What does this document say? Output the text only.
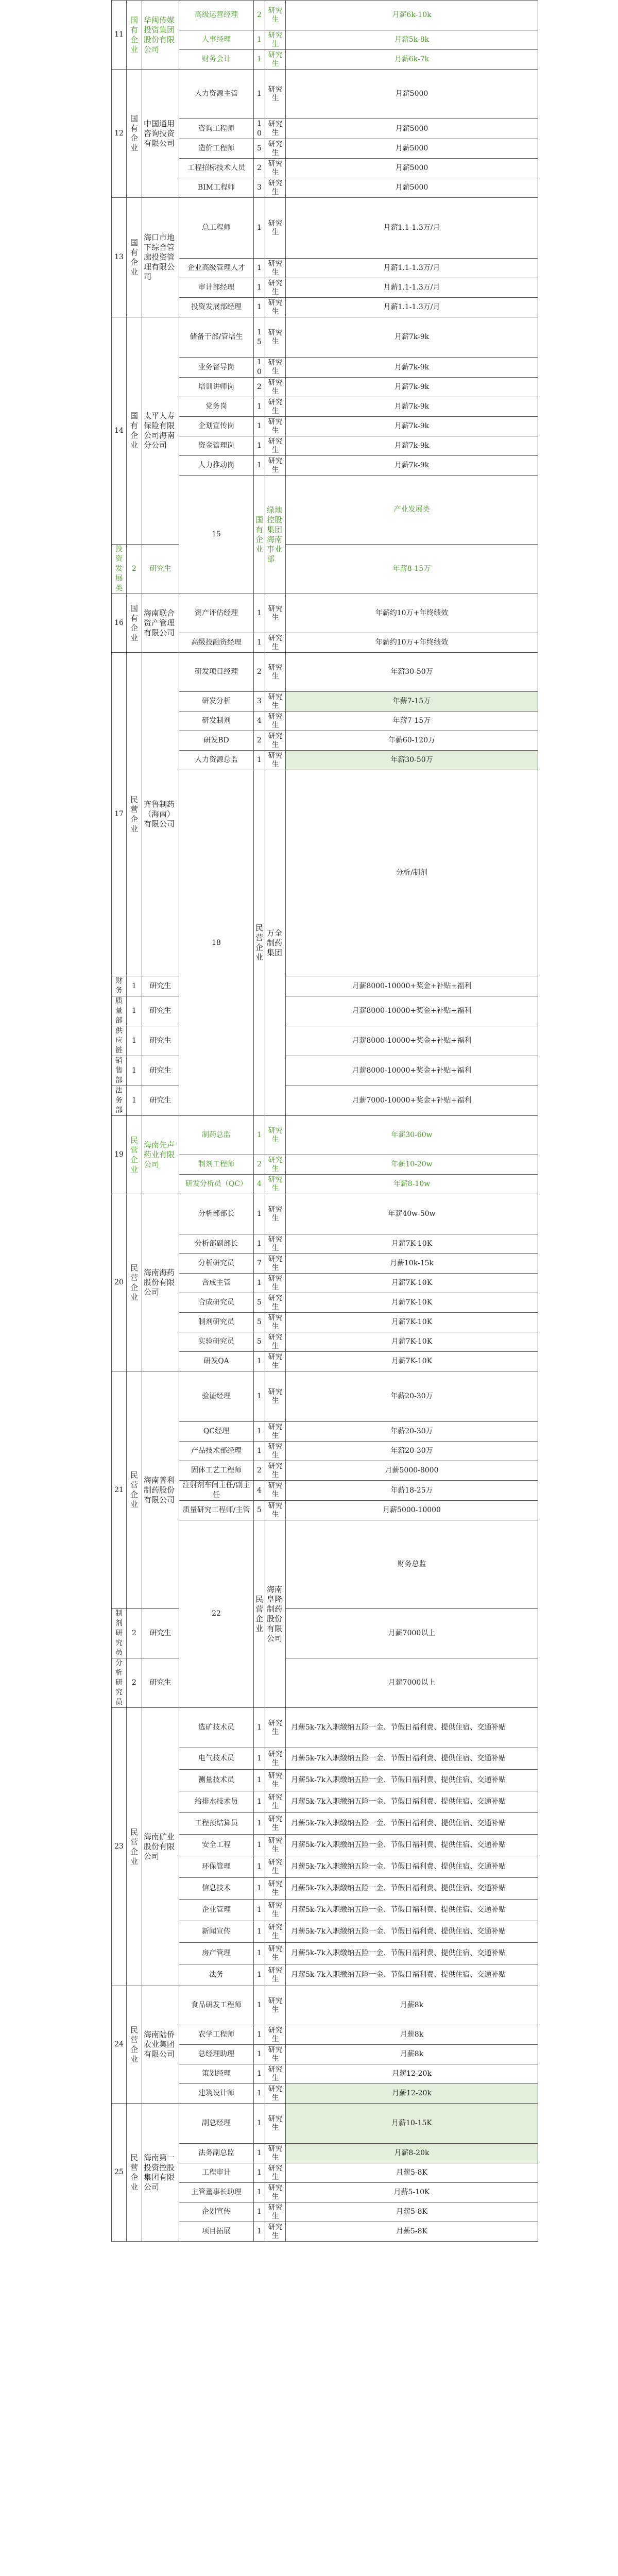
11	国有企业	华闽传媒投资集团股份有限公司	高级运营经理	2	研究生	月薪6k-10k	
			人事经理	1	研究生	月薪5k-8k	
			财务会计	1	研究生	月薪6k-7k	
12	国有企业	中国通用咨询投资有限公司	人力资源主管	1	研究生	月薪5000	
			咨询工程师	10	研究生	月薪5000	
			造价工程师	5	研究生	月薪5000	
			工程招标技术人员	2	研究生	月薪5000	
			BIM工程师	3	研究生	月薪5000	
13	国有企业	海口市地下综合管廊投资管理有限公司	总工程师	1	研究生	月薪1.1-1.3万/月	
			企业高级管理人才	1	研究生	月薪1.1-1.3万/月	
			审计部经理	1	研究生	月薪1.1-1.3万/月	
			投资发展部经理	1	研究生	月薪1.1-1.3万/月	
14	国有企业	太平人寿保险有限公司海南分公司	储备干部/管培生	15	研究生	月薪7k-9k	
			业务督导岗	10	研究生	月薪7k-9k	
			培训讲师岗	2	研究生	月薪7k-9k	
			党务岗	1	研究生	月薪7k-9k	
			企划宣传岗	1	研究生	月薪7k-9k	
			资金管理岗	1	研究生	月薪7k-9k	
			人力推动岗	1	研究生	月薪7k-9k	
			15	国有企业	绿地控股集团海南事业部	产业发展类			
投资发展类	2	研究生				年薪8-15万	
16	国有企业	海南联合资产管理有限公司	资产评估经理	1	研究生	年薪约10万+年终绩效	
			高级投融资经理	1	研究生	年薪约10万+年终绩效	
17	民营企业	齐鲁制药（海南）有限公司	研发项目经理	2	研究生	年薪30-50万	
			研发分析	3	研究生	年薪7-15万	
			研发制剂	4	研究生	年薪7-15万	
			研发BD	2	研究生	年薪60-120万	
			人力资源总监	1	研究生	年薪30-50万	
			18	民营企业	万全制药集团	分析/制剂			
财务	1	研究生				月薪8000-10000+奖金+补贴+福利	
质量部	1	研究生				月薪8000-10000+奖金+补贴+福利	
供应链	1	研究生				月薪8000-10000+奖金+补贴+福利	
销售部	1	研究生				月薪8000-10000+奖金+补贴+福利	
法务部	1	研究生				月薪7000-10000+奖金+补贴+福利	
19	民营企业	海南先声药业有限公司	制药总监	1	研究生	年薪30-60w	
			制剂工程师	2	研究生	年薪10-20w	
			研发分析员（QC）	4	研究生	年薪8-10w	
20	民营企业	海南海药股份有限公司	分析部部长	1	研究生	年薪40w-50w	
			分析部副部长	1	研究生	月薪7K-10K	
			分析研究员	7	研究生	月薪10k-15k	
			合成主管	1	研究生	月薪7K-10K	
			合成研究员	5	研究生	月薪7K-10K	
			制剂研究员	5	研究生	月薪7K-10K	
			实验研究员	5	研究生	月薪7K-10K	
			研发QA	1	研究生	月薪7K-10K	
21	民营企业	海南普利制药股份有限公司	验证经理	1	研究生	年薪20-30万	
			QC经理	1	研究生	年薪20-30万	
			产品技术部经理	1	研究生	年薪20-30万	
			固体工艺工程师	2	研究生	月薪5000-8000	
			注射剂车间主任/副主任	4	研究生	年薪18-25万	
			质量研究工程师/主管	5	研究生	月薪5000-10000	
			22	民营企业	海南皇隆制药股份有限公司	财务总监			
制剂研究员	2	研究生				月薪7000以上	
分析研究员	2	研究生				月薪7000以上	
23	民营企业	海南矿业股份有限公司	选矿技术员	1	研究生	月薪5k-7k入职缴纳五险一金、节假日福利费、提供住宿、交通补贴	
			电气技术员	1	研究生	月薪5k-7k入职缴纳五险一金、节假日福利费、提供住宿、交通补贴	
			测量技术员	1	研究生	月薪5k-7k入职缴纳五险一金、节假日福利费、提供住宿、交通补贴	
			给排水技术员	1	研究生	月薪5k-7k入职缴纳五险一金、节假日福利费、提供住宿、交通补贴	
			工程预结算员	1	研究生	月薪5k-7k入职缴纳五险一金、节假日福利费、提供住宿、交通补贴	
			安全工程	1	研究生	月薪5k-7k入职缴纳五险一金、节假日福利费、提供住宿、交通补贴	
			环保管理	1	研究生	月薪5k-7k入职缴纳五险一金、节假日福利费、提供住宿、交通补贴	
			信息技术	1	研究生	月薪5k-7k入职缴纳五险一金、节假日福利费、提供住宿、交通补贴	
			企业管理	1	研究生	月薪5k-7k入职缴纳五险一金、节假日福利费、提供住宿、交通补贴	
			新闻宣传	1	研究生	月薪5k-7k入职缴纳五险一金、节假日福利费、提供住宿、交通补贴	
			房产管理	1	研究生	月薪5k-7k入职缴纳五险一金、节假日福利费、提供住宿、交通补贴	
			法务	1	研究生	月薪5k-7k入职缴纳五险一金、节假日福利费、提供住宿、交通补贴	
24	民营企业	海南陆侨农业集团有限公司	食品研发工程师	1	研究生	月薪8k	
			农学工程师	1	研究生	月薪8k	
			总经理助理	1	研究生	月薪8k	
			策划经理	1	研究生	月薪12-20k	
			建筑设计师	1	研究生	月薪12-20k	
25	民营企业	海南第一投资控股集团有限公司	副总经理	1	研究生	月薪10-15K	
			法务副总监	1	研究生	月薪8-20k	
			工程审计	1	研究生	月薪5-8K	
			主管董事长助理	1	研究生	月薪5-10K	
			企划宣传	1	研究生	月薪5-8K	
			项目拓展	1	研究生	月薪5-8K	
